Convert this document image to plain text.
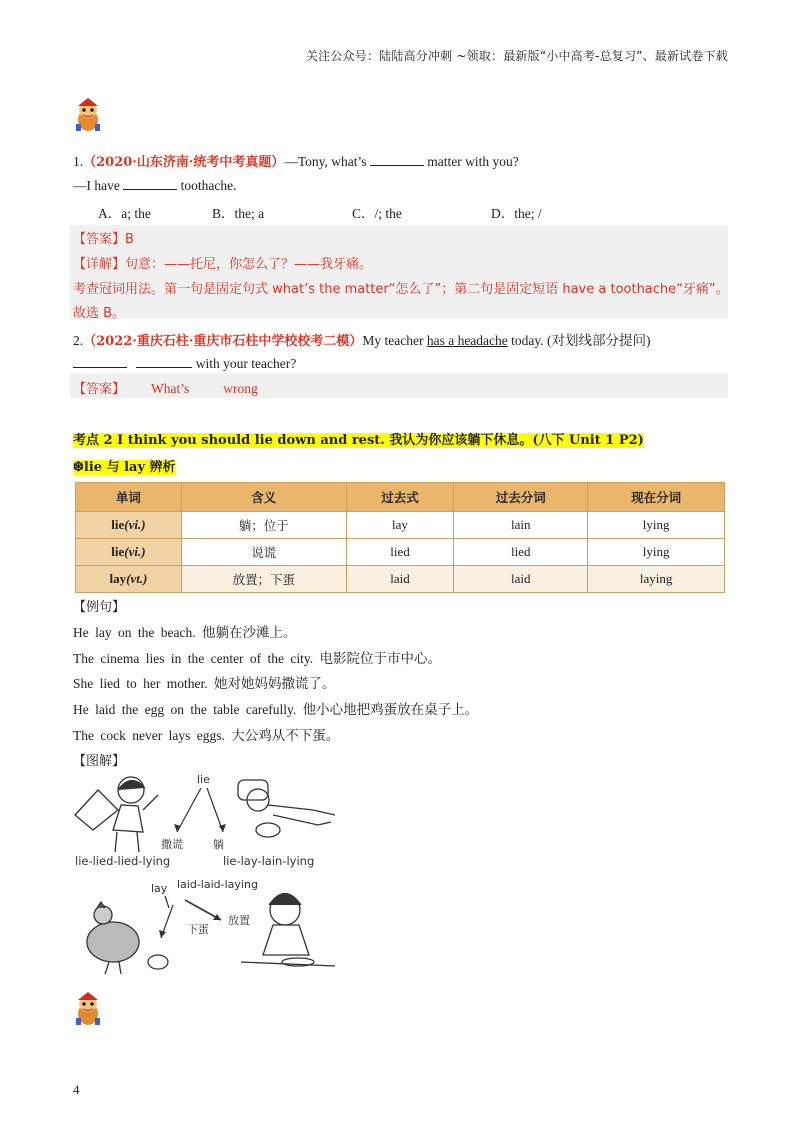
关注公众号：陆陆高分冲刺 ~领取：最新版“小中高考-总复习”、最新试卷下载
1.（2020·山东济南·统考中考真题）—Tony, what’s	matter with you?
—I have	toothache.
A．a; the	B．the; a	C．/; the	D．the; /
【答案】B
【详解】句意：——托尼，你怎么了？——我牙痛。
考查冠词用法。第一句是固定句式 what’s the matter“怎么了”；第二句是固定短语 have a toothache“牙痛”。
故选 B。
2.（2022·重庆石柱·重庆市石柱中学校校考二模）My teacher has a headache today. (对划线部分提问)
with your teacher?
【答案】 What’s	wrong
考点 2 I think you should lie down and rest. 我认为你应该躺下休息。(八下 Unit 1 P2)
❆lie 与 lay 辨析
单词	含义	过去式	过去分词	现在分词
lie(vi.)	躺；位于	lay	lain	lying
lie(vi.)	说谎	lied	lied	lying
lay(vt.)	放置；下蛋	laid	laid	laying
【例句】
He lay on the beach. 他躺在沙滩上。
The cinema lies in the center of the city. 电影院位于市中心。
She lied to her mother. 她对她妈妈撒谎了。
He laid the egg on the table carefully. 他小心地把鸡蛋放在桌子上。
The cock never lays eggs. 大公鸡从不下蛋。
【图解】
lie
撒谎	躺
lie-lied-lied-lying	lie-lay-lain-lying
lay laid-laid-laying
放置
下蛋
4
